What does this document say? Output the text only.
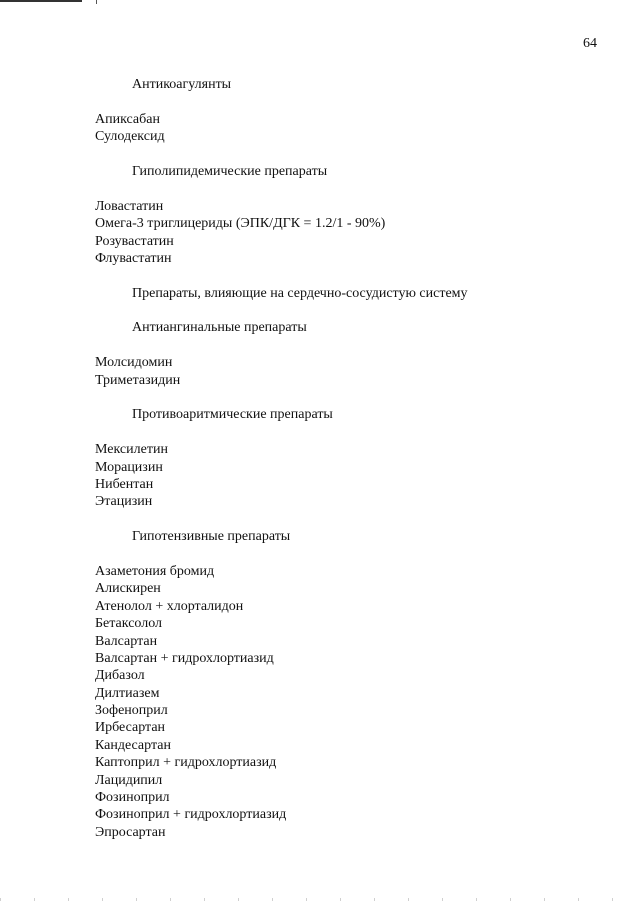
64
Антикоагулянты
Апиксабан
Сулодексид
Гиполипидемические препараты
Ловастатин
Омега-3 триглицериды (ЭПК/ДГК = 1.2/1 - 90%)
Розувастатин
Флувастатин
Препараты, влияющие на сердечно-сосудистую систему
Антиангинальные препараты
Молсидомин
Триметазидин
Противоаритмические препараты
Мексилетин
Морацизин
Нибентан
Этацизин
Гипотензивные препараты
Азаметония бромид
Алискирен
Атенолол + хлорталидон
Бетаксолол
Валсартан
Валсартан + гидрохлортиазид
Дибазол
Дилтиазем
Зофеноприл
Ирбесартан
Кандесартан
Каптоприл + гидрохлортиазид
Лацидипил
Фозиноприл
Фозиноприл + гидрохлортиазид
Эпросартан
